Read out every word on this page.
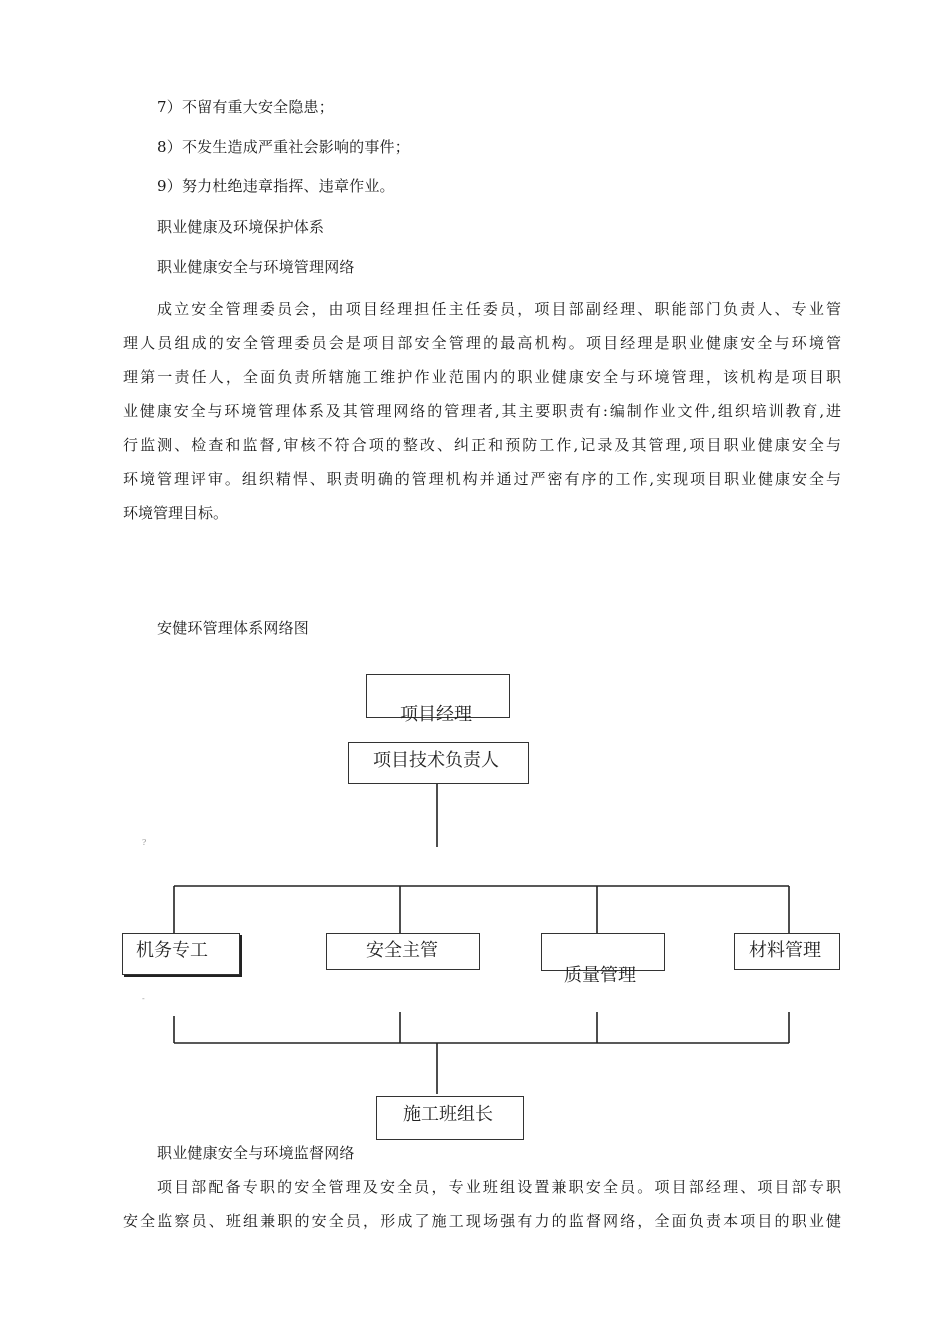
7）不留有重大安全隐患；
8）不发生造成严重社会影响的事件；
9）努力杜绝违章指挥、违章作业。
职业健康及环境保护体系
职业健康安全与环境管理网络
成立安全管理委员会，由项目经理担任主任委员，项目部副经理、职能部门负责人、专业管
理人员组成的安全管理委员会是项目部安全管理的最高机构。项目经理是职业健康安全与环境管
理第一责任人，全面负责所辖施工维护作业范围内的职业健康安全与环境管理，该机构是项目职
业健康安全与环境管理体系及其管理网络的管理者,其主要职责有:编制作业文件,组织培训教育,进
行监测、检查和监督,审核不符合项的整改、纠正和预防工作,记录及其管理,项目职业健康安全与
环境管理评审。组织精悍、职责明确的管理机构并通过严密有序的工作,实现项目职业健康安全与
环境管理目标。
安健环管理体系网络图
项目经理
项目技术负责人
机务专工	安全主管
质量管理
材料管理
施工班组长
?
-
职业健康安全与环境监督网络
项目部配备专职的安全管理及安全员，专业班组设置兼职安全员。项目部经理、项目部专职
安全监察员、班组兼职的安全员，形成了施工现场强有力的监督网络，全面负责本项目的职业健
